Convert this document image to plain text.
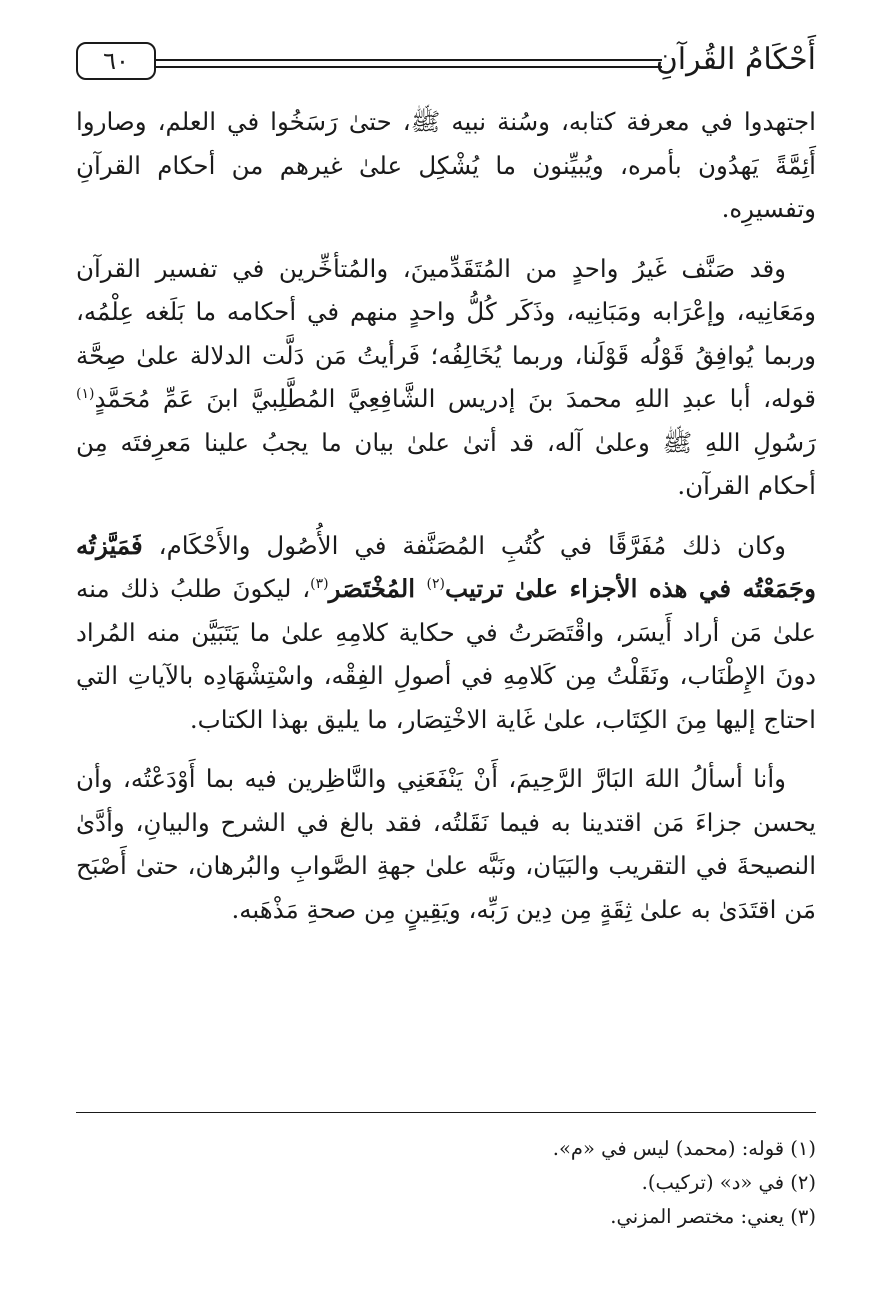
أَحْكَامُ القُرآنِ
٦٠

اجتهدوا في معرفة كتابه، وسُنة نبيه ﷺ، حتىٰ رَسَخُوا في العلم، وصاروا أَئِمَّةً يَهدُون بأمره، ويُبيِّنون ما يُشْكِل علىٰ غيرهم من أحكام القرآنِ وتفسيرِه.

وقد صَنَّف غَيرُ واحدٍ من المُتَقَدِّمينَ، والمُتأخِّرين في تفسير القرآن ومَعَانِيه، وإعْرَابه ومَبَانِيه، وذَكَر كُلُّ واحدٍ منهم في أحكامه ما بَلَغه عِلْمُه، وربما يُوافِقُ قَوْلُه قَوْلَنا، وربما يُخَالِفُه؛ فَرأيتُ مَن دَلَّت الدلالة علىٰ صِحَّة قوله، أبا عبدِ اللهِ محمدَ بنَ إدريس الشَّافِعِيَّ المُطَّلِبيَّ ابنَ عَمِّ مُحَمَّدٍ$^{(١)}$ رَسُولِ اللهِ ﷺ وعلىٰ آله، قد أتىٰ علىٰ بيان ما يجبُ علينا مَعرِفتَه مِن أحكام القرآن.

وكان ذلك مُفَرَّقًا في كُتُبِ المُصَنَّفة في الأُصُول والأَحْكَام، فَمَيَّزتُه وجَمَعْتُه في هذه الأجزاء علىٰ ترتيب$^{(٢)}$ المُخْتَصَر$^{(٣)}$، ليكونَ طلبُ ذلك منه علىٰ مَن أراد أَيسَر، واقْتَصَرتُ في حكاية كلامِهِ علىٰ ما يَتَبَيَّن منه المُراد دونَ الإِطْنَاب، ونَقَلْتُ مِن كَلامِهِ في أصولِ الفِقْه، واسْتِشْهَادِه بالآياتِ التي احتاج إليها مِنَ الكِتَاب، علىٰ غَاية الاخْتِصَار، ما يليق بهذا الكتاب.

وأنا أسألُ اللهَ البَارَّ الرَّحِيمَ، أَنْ يَنْفَعَنِي والنَّاظِرين فيه بما أَوْدَعْتُه، وأن يحسن جزاءَ مَن اقتدينا به فيما نَقَلتُه، فقد بالغ في الشرح والبيانِ، وأدَّىٰ النصيحةَ في التقريب والبَيَان، ونَبَّه علىٰ جهةِ الصَّوابِ والبُرهان، حتىٰ أَصْبَح مَن اقتَدَىٰ به علىٰ ثِقَةٍ مِن دِين رَبِّه، ويَقِينٍ مِن صحةِ مَذْهَبه.

(١) قوله: (محمد) ليس في «م».
(٢) في «د» (تركيب).
(٣) يعني: مختصر المزني.
